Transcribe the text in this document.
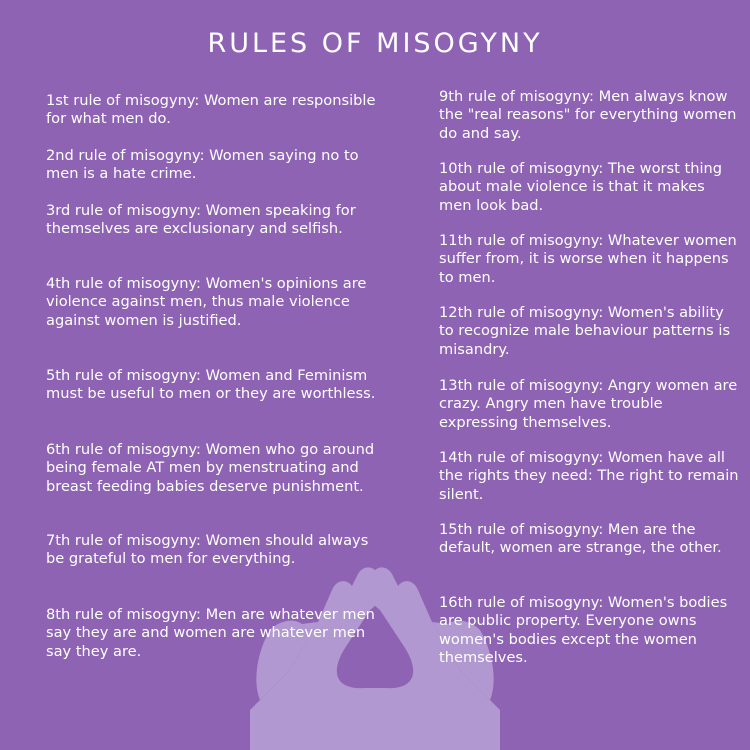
RULES OF MISOGYNY

1st rule of misogyny: Women are responsible for what men do.

2nd rule of misogyny: Women saying no to men is a hate crime.

3rd rule of misogyny: Women speaking for themselves are exclusionary and selfish.

4th rule of misogyny: Women's opinions are violence against men, thus male violence against women is justified.

5th rule of misogyny: Women and Feminism must be useful to men or they are worthless.

6th rule of misogyny: Women who go around being female AT men by menstruating and breast feeding babies deserve punishment.

7th rule of misogyny: Women should always be grateful to men for everything.

8th rule of misogyny: Men are whatever men say they are and women are whatever men say they are.

9th rule of misogyny: Men always know the "real reasons" for everything women do and say.

10th rule of misogyny: The worst thing about male violence is that it makes men look bad.

11th rule of misogyny: Whatever women suffer from, it is worse when it happens to men.

12th rule of misogyny: Women's ability to recognize male behaviour patterns is misandry.

13th rule of misogyny: Angry women are crazy. Angry men have trouble expressing themselves.

14th rule of misogyny: Women have all the rights they need: The right to remain silent.

15th rule of misogyny: Men are the default, women are strange, the other.

16th rule of misogyny: Women's bodies are public property. Everyone owns women's bodies except the women themselves.
